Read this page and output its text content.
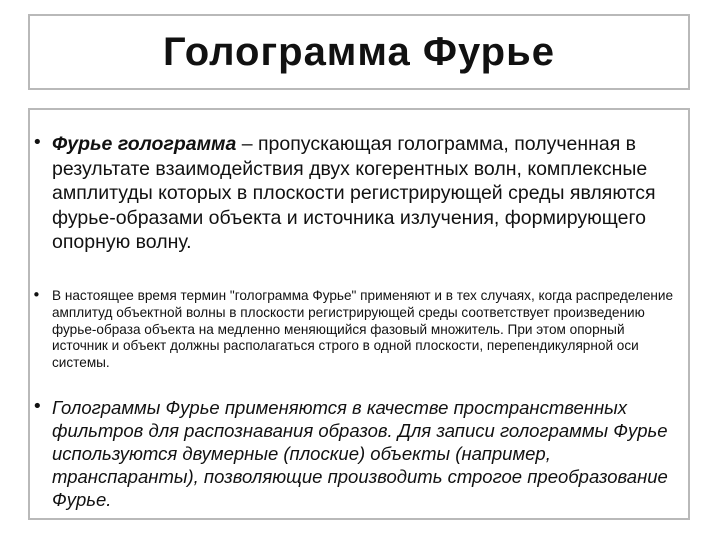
Голограмма Фурье
• Фурье голограмма – пропускающая голограмма, полученная в результате взаимодействия двух когерентных волн, комплексные амплитуды которых в плоскости регистрирующей среды являются фурье-образами объекта и источника излучения, формирующего опорную волну.
• В настоящее время термин "голограмма Фурье" применяют и в тех случаях, когда распределение амплитуд объектной волны в плоскости регистрирующей среды соответствует произведению фурье-образа объекта на медленно меняющийся фазовый множитель. При этом опорный источник и объект должны располагаться строго в одной плоскости, перепендикулярной оси системы.
• Голограммы Фурье применяются в качестве пространственных фильтров для распознавания образов. Для записи голограммы Фурье используются двумерные (плоские) объекты (например, транспаранты), позволяющие производить строгое преобразование Фурье.
